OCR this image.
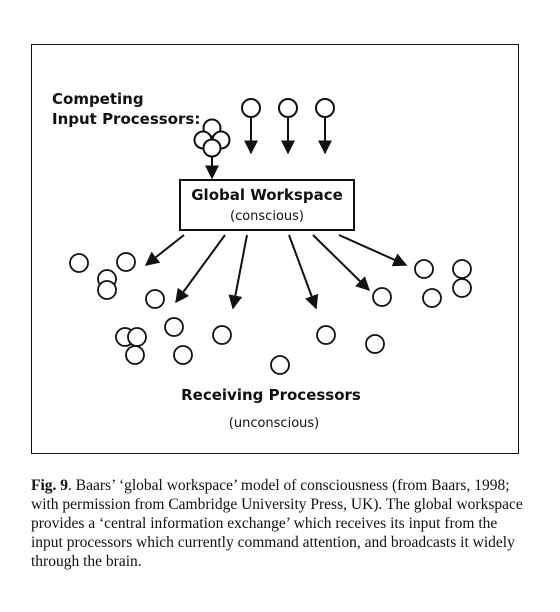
Competing
Input Processors:
Global Workspace
(conscious)
Receiving Processors
(unconscious)

Fig. 9. Baars’ ‘global workspace’ model of consciousness (from Baars, 1998; with permission from Cambridge University Press, UK). The global workspace provides a ‘central information exchange’ which receives its input from the input processors which currently command attention, and broadcasts it widely through the brain.
